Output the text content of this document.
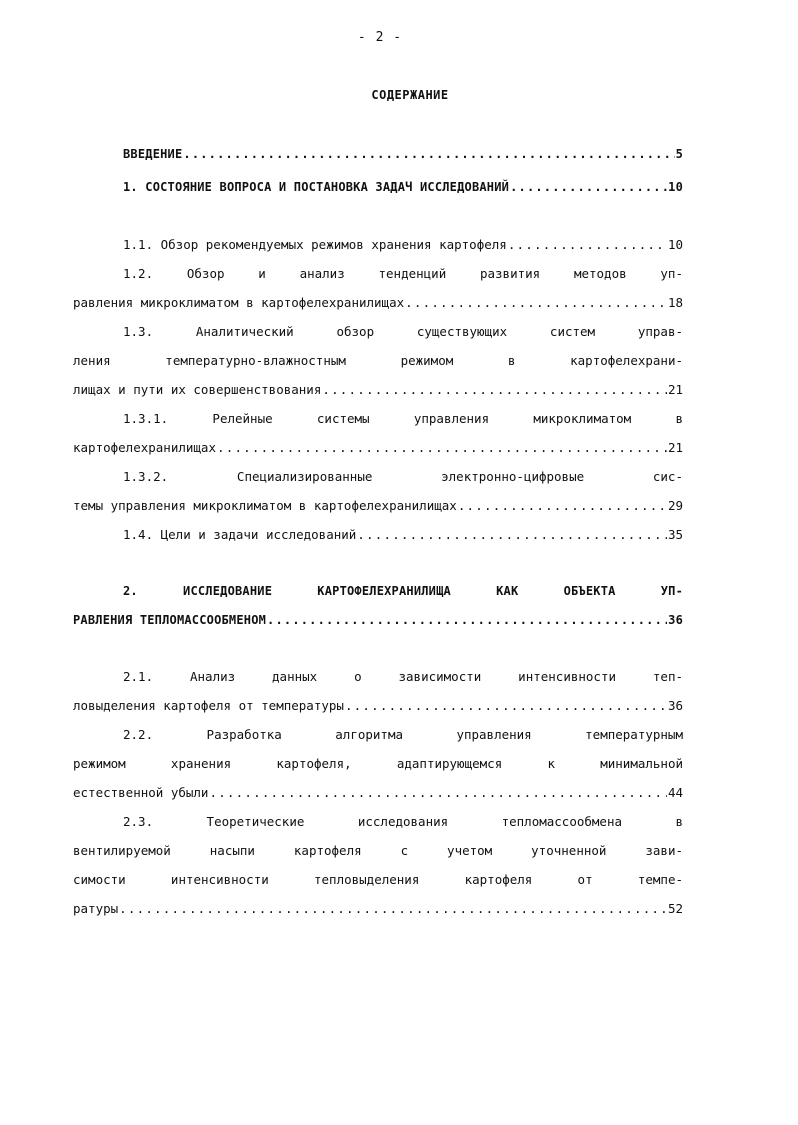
- 2 -
СОДЕРЖАНИЕ
ВВЕДЕНИЕ .....	5
1. СОСТОЯНИЕ ВОПРОСА И ПОСТАНОВКА ЗАДАЧ ИССЛЕДОВАНИЙ .....	10
1.1. Обзор рекомендуемых режимов хранения картофеля .....	10
1.2. Обзор и анализ тенденций развития методов уп-
равления микроклиматом в картофелехранилищах .....	18
1.3. Аналитический обзор существующих систем управ-
ления температурно-влажностным режимом в картофелехрани-
лищах и пути их совершенствования .....	21
1.3.1. Релейные системы управления микроклиматом в
картофелехранилищах .....	21
1.3.2. Специализированные электронно-цифровые сис-
темы управления микроклиматом в картофелехранилищах .....	29
1.4. Цели и задачи исследований .....	35
2. ИССЛЕДОВАНИЕ КАРТОФЕЛЕХРАНИЛИЩА КАК ОБЪЕКТА УП-
РАВЛЕНИЯ ТЕПЛОМАССООБМЕНОМ .....	36
2.1. Анализ данных о зависимости интенсивности теп-
ловыделения картофеля от температуры .....	36
2.2. Разработка алгоритма управления температурным
режимом хранения картофеля, адаптирующемся к минимальной
естественной убыли .....	44
2.3. Теоретические исследования тепломассообмена в
вентилируемой насыпи картофеля с учетом уточненной зави-
симости интенсивности тепловыделения картофеля от темпе-
ратуры .....	52
